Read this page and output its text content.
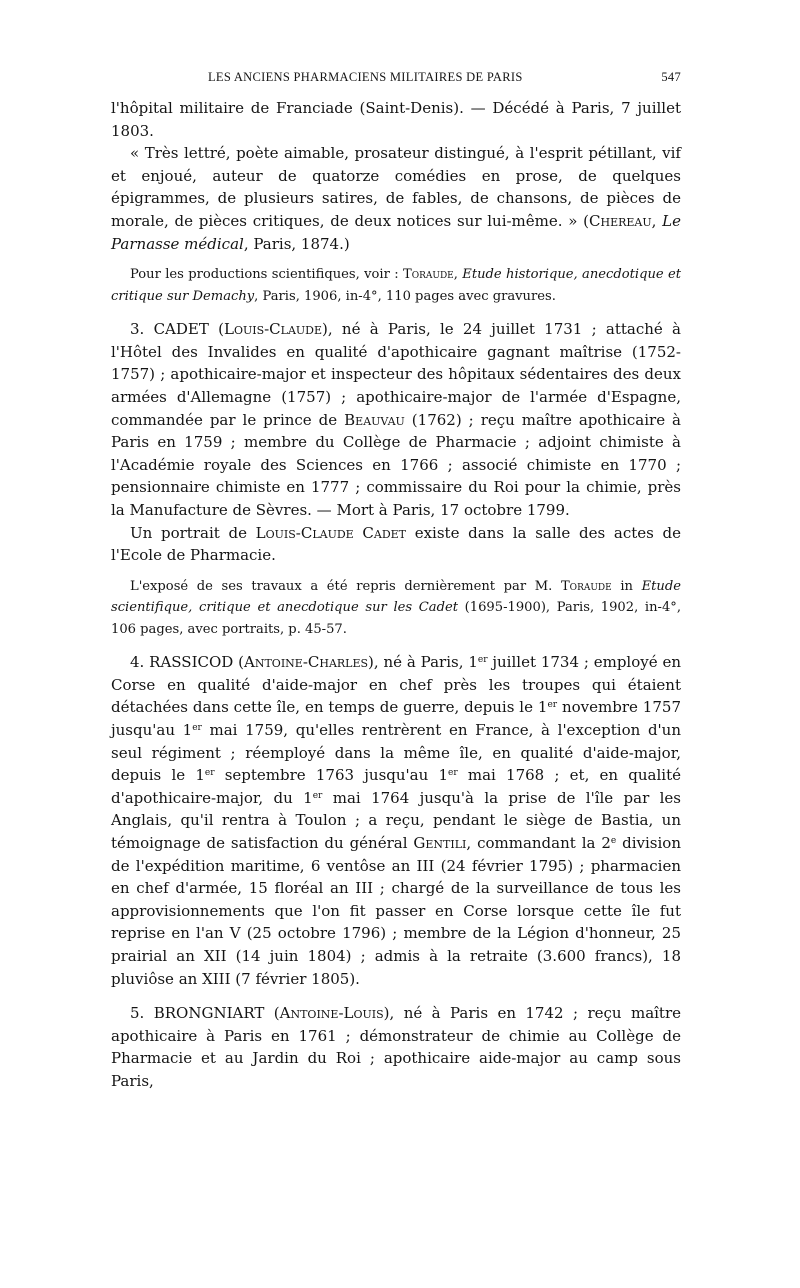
LES ANCIENS PHARMACIENS MILITAIRES DE PARIS	547

l'hôpital militaire de Franciade (Saint-Denis). — Décédé à Paris, 7 juillet 1803.

« Très lettré, poète aimable, prosateur distingué, à l'esprit pétillant, vif et enjoué, auteur de quatorze comédies en prose, de quelques épigrammes, de plusieurs satires, de fables, de chansons, de pièces de morale, de pièces critiques, de deux notices sur lui-même. » (Chereau, Le Parnasse médical, Paris, 1874.)

Pour les productions scientifiques, voir : Toraude, Etude historique, anecdotique et critique sur Demachy, Paris, 1906, in-4°, 110 pages avec gravures.

3. CADET (Louis-Claude), né à Paris, le 24 juillet 1731 ; attaché à l'Hôtel des Invalides en qualité d'apothicaire gagnant maîtrise (1752-1757) ; apothicaire-major et inspecteur des hôpitaux sédentaires des deux armées d'Allemagne (1757) ; apothicaire-major de l'armée d'Espagne, commandée par le prince de Beauvau (1762) ; reçu maître apothicaire à Paris en 1759 ; membre du Collège de Pharmacie ; adjoint chimiste à l'Académie royale des Sciences en 1766 ; associé chimiste en 1770 ; pensionnaire chimiste en 1777 ; commissaire du Roi pour la chimie, près la Manufacture de Sèvres. — Mort à Paris, 17 octobre 1799.

Un portrait de Louis-Claude Cadet existe dans la salle des actes de l'Ecole de Pharmacie.

L'exposé de ses travaux a été repris dernièrement par M. Toraude in Etude scientifique, critique et anecdotique sur les Cadet (1695-1900), Paris, 1902, in-4°, 106 pages, avec portraits, p. 45-57.

4. RASSICOD (Antoine-Charles), né à Paris, 1er juillet 1734 ; employé en Corse en qualité d'aide-major en chef près les troupes qui étaient détachées dans cette île, en temps de guerre, depuis le 1er novembre 1757 jusqu'au 1er mai 1759, qu'elles rentrèrent en France, à l'exception d'un seul régiment ; réemployé dans la même île, en qualité d'aide-major, depuis le 1er septembre 1763 jusqu'au 1er mai 1768 ; et, en qualité d'apothicaire-major, du 1er mai 1764 jusqu'à la prise de l'île par les Anglais, qu'il rentra à Toulon ; a reçu, pendant le siège de Bastia, un témoignage de satisfaction du général Gentili, commandant la 2e division de l'expédition maritime, 6 ventôse an III (24 février 1795) ; pharmacien en chef d'armée, 15 floréal an III ; chargé de la surveillance de tous les approvisionnements que l'on fit passer en Corse lorsque cette île fut reprise en l'an V (25 octobre 1796) ; membre de la Légion d'honneur, 25 prairial an XII (14 juin 1804) ; admis à la retraite (3.600 francs), 18 pluviôse an XIII (7 février 1805).

5. BRONGNIART (Antoine-Louis), né à Paris en 1742 ; reçu maître apothicaire à Paris en 1761 ; démonstrateur de chimie au Collège de Pharmacie et au Jardin du Roi ; apothicaire aide-major au camp sous Paris,
